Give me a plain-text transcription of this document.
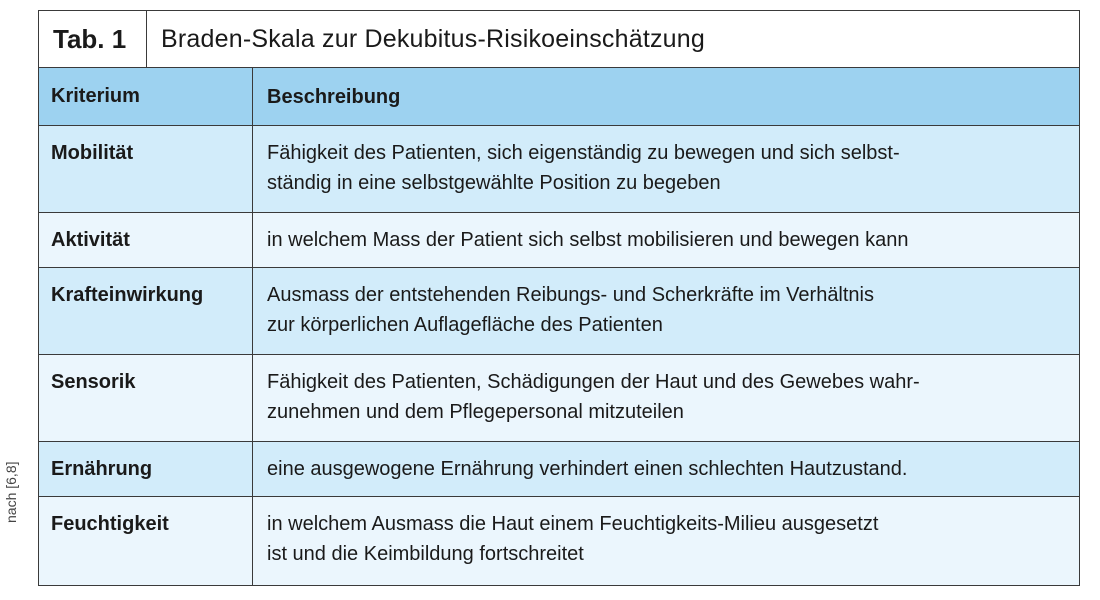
nach [6,8]
Tab. 1	Braden-Skala zur Dekubitus-Risikoeinschätzung
Kriterium	Beschreibung
Mobilität	Fähigkeit des Patienten, sich eigenständig zu bewegen und sich selbst-
ständig in eine selbstgewählte Position zu begeben
Aktivität	in welchem Mass der Patient sich selbst mobilisieren und bewegen kann
Krafteinwirkung	Ausmass der entstehenden Reibungs- und Scherkräfte im Verhältnis
zur körperlichen Auflagefläche des Patienten
Sensorik	Fähigkeit des Patienten, Schädigungen der Haut und des Gewebes wahr-
zunehmen und dem Pflegepersonal mitzuteilen
Ernährung	eine ausgewogene Ernährung verhindert einen schlechten Hautzustand.
Feuchtigkeit	in welchem Ausmass die Haut einem Feuchtigkeits-Milieu ausgesetzt
ist und die Keimbildung fortschreitet
